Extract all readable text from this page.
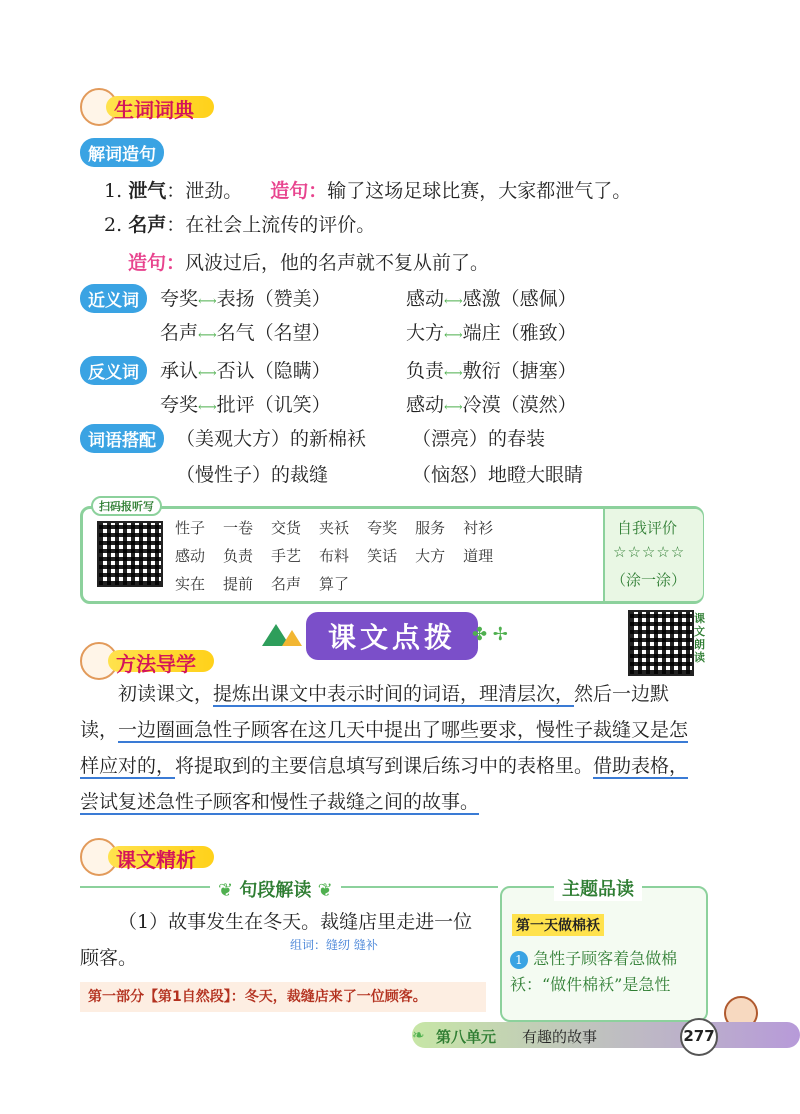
生词词典
解词造句
1. 泄气：泄劲。 造句：输了这场足球比赛，大家都泄气了。
2. 名声：在社会上流传的评价。
造句：风波过后，他的名声就不复从前了。
近义词	夸奖⟷表扬（赞美）	感动⟷感激（感佩）
名声⟷名气（名望）	大方⟷端庄（雅致）
反义词	承认⟷否认（隐瞒）	负责⟷敷衍（搪塞）
夸奖⟷批评（讥笑）	感动⟷冷漠（漠然）
词语搭配	（美观大方）的新棉袄 （漂亮）的春装
（慢性子）的裁缝	（恼怒）地瞪大眼睛
扫码报听写
性子 一卷 交货 夹袄 夸奖 服务 衬衫
感动 负责 手艺 布料 笑话 大方 道理
实在 提前 名声 算了
自我评价
☆☆☆☆☆
（涂一涂）
课文点拨 ✤ ✢
课文朗读
方法导学
初读课文，提炼出课文中表示时间的词语，理清层次，然后一边默读，一边圈画急性子顾客在这几天中提出了哪些要求，慢性子裁缝又是怎样应对的，将提取到的主要信息填写到课后练习中的表格里。借助表格，尝试复述急性子顾客和慢性子裁缝之间的故事。
课文精析
❦ 句段解读 ❦
（1）故事发生在冬天。裁缝店里走进一位顾客。
组词：缝纫 缝补
第一部分【第1自然段】：冬天，裁缝店来了一位顾客。
主题品读
第一天做棉袄
1 急性子顾客着急做棉袄：“做件棉袄”是急性
❧ 第八单元 有趣的故事	277
